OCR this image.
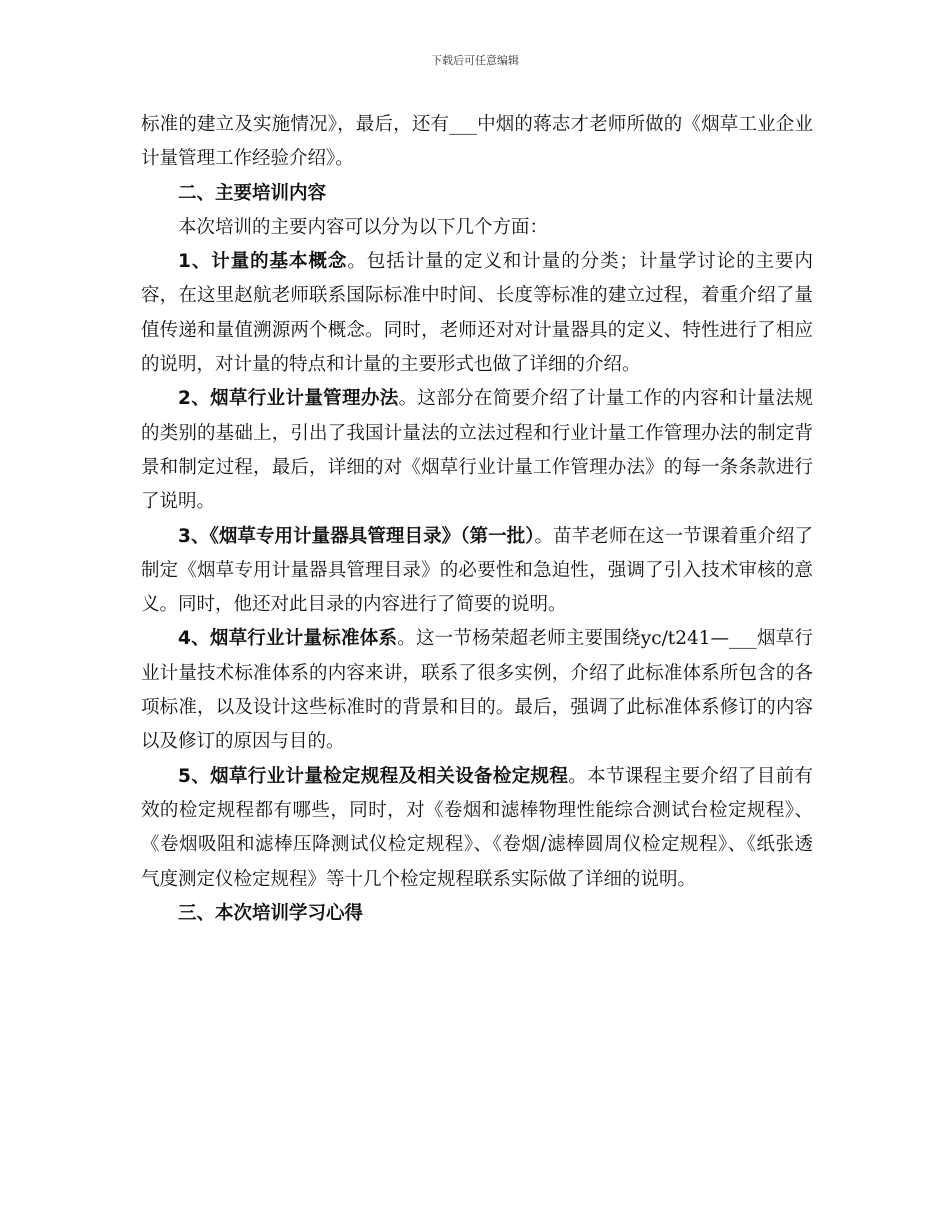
下载后可任意编辑

标准的建立及实施情况》，最后，还有___中烟的蒋志才老师所做的《烟草工业企业计量管理工作经验介绍》。

二、主要培训内容

本次培训的主要内容可以分为以下几个方面：

1、计量的基本概念。包括计量的定义和计量的分类；计量学讨论的主要内容，在这里赵航老师联系国际标准中时间、长度等标准的建立过程，着重介绍了量值传递和量值溯源两个概念。同时，老师还对对计量器具的定义、特性进行了相应的说明，对计量的特点和计量的主要形式也做了详细的介绍。

2、烟草行业计量管理办法。这部分在简要介绍了计量工作的内容和计量法规的类别的基础上，引出了我国计量法的立法过程和行业计量工作管理办法的制定背景和制定过程，最后，详细的对《烟草行业计量工作管理办法》的每一条条款进行了说明。

3、《烟草专用计量器具管理目录》（第一批）。苗芊老师在这一节课着重介绍了制定《烟草专用计量器具管理目录》的必要性和急迫性，强调了引入技术审核的意义。同时，他还对此目录的内容进行了简要的说明。

4、烟草行业计量标准体系。这一节杨荣超老师主要围绕yc/t241—___烟草行业计量技术标准体系的内容来讲，联系了很多实例，介绍了此标准体系所包含的各项标准，以及设计这些标准时的背景和目的。最后，强调了此标准体系修订的内容以及修订的原因与目的。

5、烟草行业计量检定规程及相关设备检定规程。本节课程主要介绍了目前有效的检定规程都有哪些，同时，对《卷烟和滤棒物理性能综合测试台检定规程》、《卷烟吸阻和滤棒压降测试仪检定规程》、《卷烟/滤棒圆周仪检定规程》、《纸张透气度测定仪检定规程》等十几个检定规程联系实际做了详细的说明。

三、本次培训学习心得
